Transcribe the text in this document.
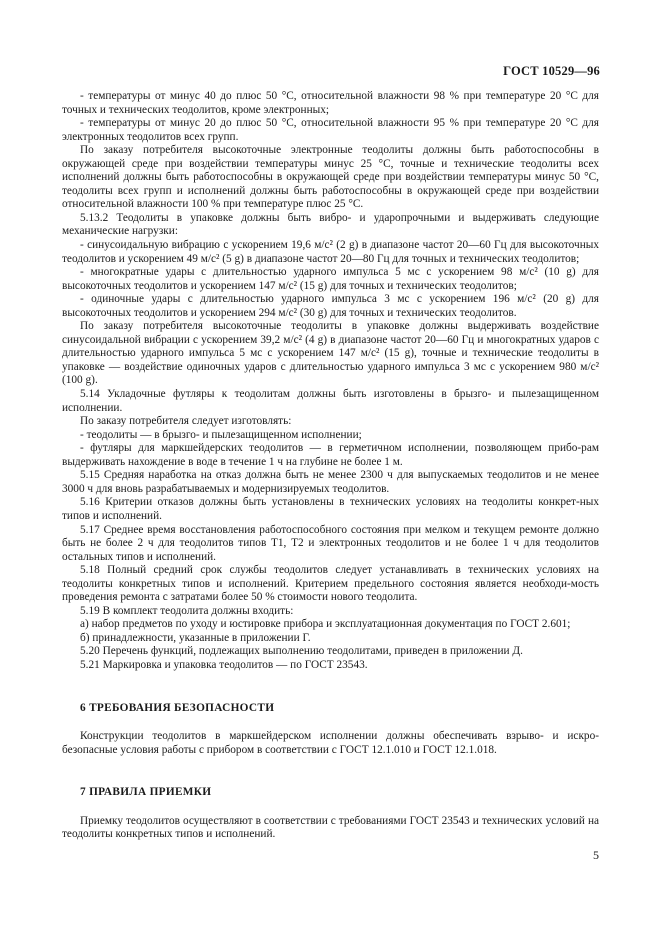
ГОСТ 10529—96

- температуры от минус 40 до плюс 50 °С, относительной влажности 98 % при температуре 20 °С для точных и технических теодолитов, кроме электронных;

- температуры от минус 20 до плюс 50 °С, относительной влажности 95 % при температуре 20 °С для электронных теодолитов всех групп.

По заказу потребителя высокоточные электронные теодолиты должны быть работоспособны в окружающей среде при воздействии температуры минус 25 °С, точные и технические теодолиты всех исполнений должны быть работоспособны в окружающей среде при воздействии температуры минус 50 °С, теодолиты всех групп и исполнений должны быть работоспособны в окружающей среде при воздействии относительной влажности 100 % при температуре плюс 25 °С.

5.13.2 Теодолиты в упаковке должны быть вибро- и ударопрочными и выдерживать следующие механические нагрузки:

- синусоидальную вибрацию с ускорением 19,6 м/с² (2 g) в диапазоне частот 20—60 Гц для высокоточных теодолитов и ускорением 49 м/с² (5 g) в диапазоне частот 20—80 Гц для точных и технических теодолитов;

- многократные удары с длительностью ударного импульса 5 мс с ускорением 98 м/с² (10 g) для высокоточных теодолитов и ускорением 147 м/с² (15 g) для точных и технических теодолитов;

- одиночные удары с длительностью ударного импульса 3 мс с ускорением 196 м/с² (20 g) для высокоточных теодолитов и ускорением 294 м/с² (30 g) для точных и технических теодолитов.

По заказу потребителя высокоточные теодолиты в упаковке должны выдерживать воздействие синусоидальной вибрации с ускорением 39,2 м/с² (4 g) в диапазоне частот 20—60 Гц и многократных ударов с длительностью ударного импульса 5 мс с ускорением 147 м/с² (15 g), точные и технические теодолиты в упаковке — воздействие одиночных ударов с длительностью ударного импульса 3 мс с ускорением 980 м/с² (100 g).

5.14 Укладочные футляры к теодолитам должны быть изготовлены в брызго- и пылезащищенном исполнении.

По заказу потребителя следует изготовлять:

- теодолиты — в брызго- и пылезащищенном исполнении;

- футляры для маркшейдерских теодолитов — в герметичном исполнении, позволяющем прибо-рам выдерживать нахождение в воде в течение 1 ч на глубине не более 1 м.

5.15 Средняя наработка на отказ должна быть не менее 2300 ч для выпускаемых теодолитов и не менее 3000 ч для вновь разрабатываемых и модернизируемых теодолитов.

5.16 Критерии отказов должны быть установлены в технических условиях на теодолиты конкрет-ных типов и исполнений.

5.17 Среднее время восстановления работоспособного состояния при мелком и текущем ремонте должно быть не более 2 ч для теодолитов типов Т1, Т2 и электронных теодолитов и не более 1 ч для теодолитов остальных типов и исполнений.

5.18 Полный средний срок службы теодолитов следует устанавливать в технических условиях на теодолиты конкретных типов и исполнений. Критерием предельного состояния является необходи-мость проведения ремонта с затратами более 50 % стоимости нового теодолита.

5.19 В комплект теодолита должны входить:

а) набор предметов по уходу и юстировке прибора и эксплуатационная документация по ГОСТ 2.601;

б) принадлежности, указанные в приложении Г.

5.20 Перечень функций, подлежащих выполнению теодолитами, приведен в приложении Д.

5.21 Маркировка и упаковка теодолитов — по ГОСТ 23543.

6 ТРЕБОВАНИЯ БЕЗОПАСНОСТИ

Конструкции теодолитов в маркшейдерском исполнении должны обеспечивать взрыво- и искро-безопасные условия работы с прибором в соответствии с ГОСТ 12.1.010 и ГОСТ 12.1.018.

7 ПРАВИЛА ПРИЕМКИ

Приемку теодолитов осуществляют в соответствии с требованиями ГОСТ 23543 и технических условий на теодолиты конкретных типов и исполнений.

5
